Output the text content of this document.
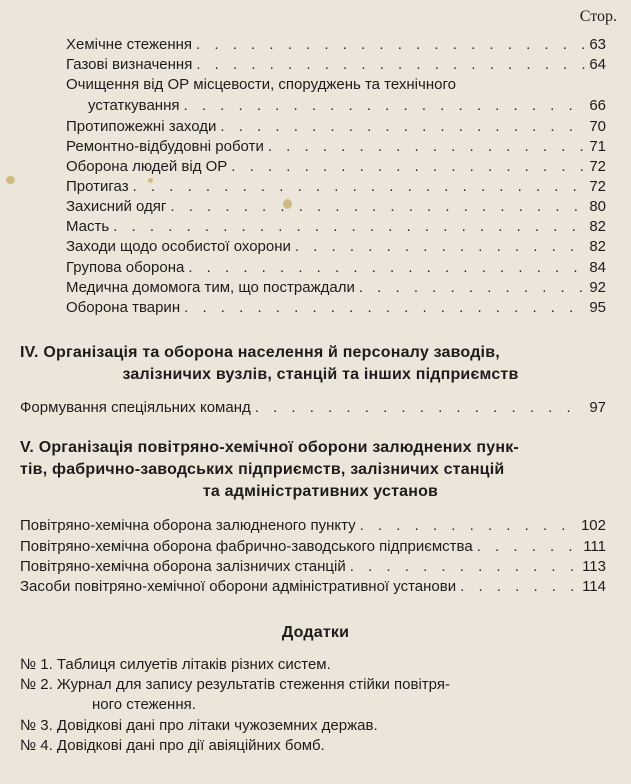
Стор.
Хемічне стеження . . .	63
Газові визначення . . .	64
Очищення від ОР місцевости, споруджень та технічного
устаткування . . .	66
Протипожежні заходи . . .	70
Ремонтно-відбудовні роботи . . .	71
Оборона людей від ОР . . .	72
Протигаз . . .	72
Захисний одяг . . .	80
Масть . . .	82
Заходи щодо особистої охорони . . .	82
Групова оборона . . .	84
Медична домомога тим, що постраждали . . .	92
Оборона тварин . . .	95
IV. Організація та оборона населення й персоналу заводів,
залізничих вузлів, станцій та інших підприємств
Формування спеціяльних команд . . .	97
V. Організація повітряно-хемічної оборони залюднених пунк-
тів, фабрично-заводських підприємств, залізничих станцій
та адміністративних установ
Повітряно-хемічна оборона залюдненого пункту . . .	102
Повітряно-хемічна оборона фабрично-заводського підприємства . . .	111
Повітряно-хемічна оборона залізничих станцій . . .	113
Засоби повітряно-хемічної оборони адміністративної установи . . .	114
Додатки
№ 1. Таблиця силуетів літаків різних систем.
№ 2. Журнал для запису результатів стеження стійки повітря-
ного стеження.
№ 3. Довідкові дані про літаки чужоземних держав.
№ 4. Довідкові дані про дії авіяційних бомб.
